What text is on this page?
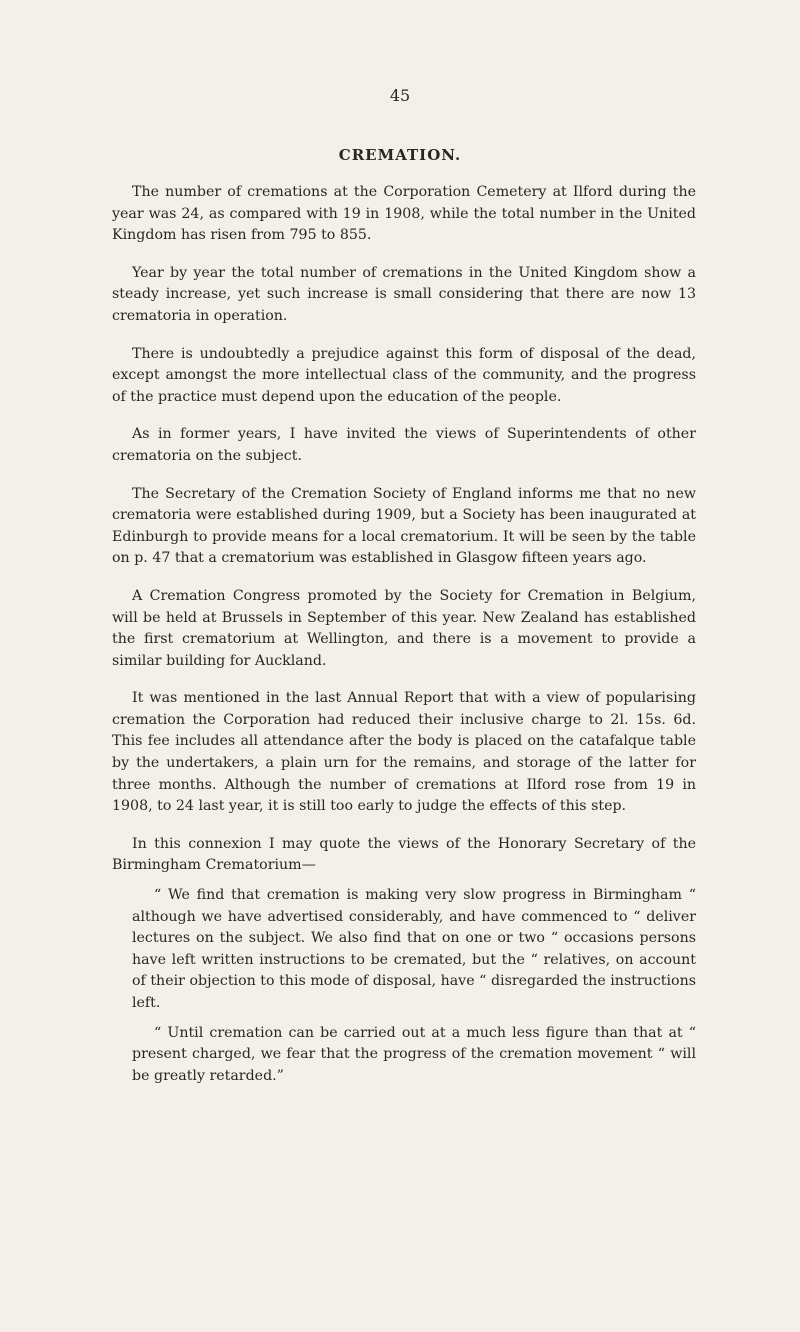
45
CREMATION.

The number of cremations at the Corporation Cemetery at Ilford during the year was 24, as compared with 19 in 1908, while the total number in the United Kingdom has risen from 795 to 855.

Year by year the total number of cremations in the United Kingdom show a steady increase, yet such increase is small considering that there are now 13 crematoria in operation.

There is undoubtedly a prejudice against this form of disposal of the dead, except amongst the more intellectual class of the community, and the progress of the practice must depend upon the education of the people.

As in former years, I have invited the views of Superintendents of other crematoria on the subject.

The Secretary of the Cremation Society of England informs me that no new crematoria were established during 1909, but a Society has been inaugurated at Edinburgh to provide means for a local crematorium. It will be seen by the table on p. 47 that a crematorium was established in Glasgow fifteen years ago.

A Cremation Congress promoted by the Society for Cremation in Belgium, will be held at Brussels in September of this year. New Zealand has established the first crematorium at Wellington, and there is a movement to provide a similar building for Auckland.

It was mentioned in the last Annual Report that with a view of popularising cremation the Corporation had reduced their inclusive charge to 2l. 15s. 6d. This fee includes all attendance after the body is placed on the catafalque table by the undertakers, a plain urn for the remains, and storage of the latter for three months. Although the number of cremations at Ilford rose from 19 in 1908, to 24 last year, it is still too early to judge the effects of this step.

In this connexion I may quote the views of the Honorary Secretary of the Birmingham Crematorium—

“ We find that cremation is making very slow progress in Birmingham “ although we have advertised considerably, and have commenced to “ deliver lectures on the subject. We also find that on one or two “ occasions persons have left written instructions to be cremated, but the “ relatives, on account of their objection to this mode of disposal, have “ disregarded the instructions left.

“ Until cremation can be carried out at a much less figure than that at “ present charged, we fear that the progress of the cremation movement “ will be greatly retarded.”
